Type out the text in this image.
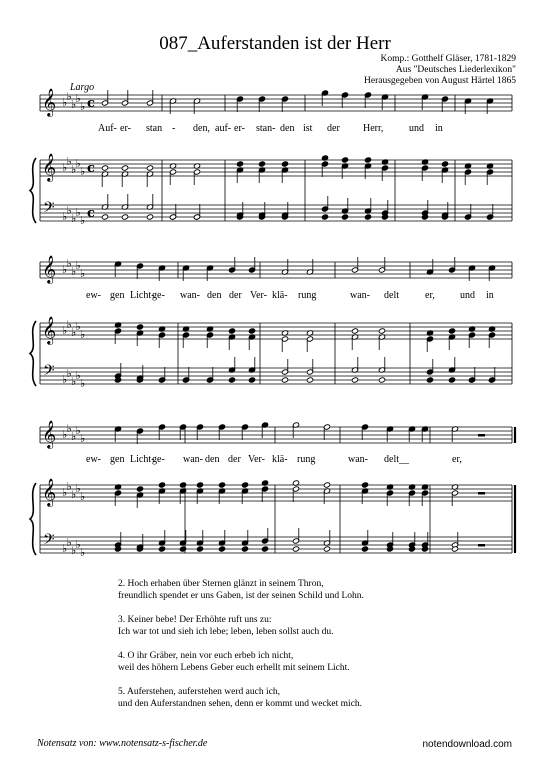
087_Auferstanden ist der Herr
Komp.: Gotthelf Gläser, 1781-1829
Aus "Deutsches Liederlexikon"
Herausgegeben von August Härtel 1865
Largo
𝄞 ♭ ♭
♭ ♭
♭ c
𝄞 ♭ ♭
♭ ♭
♭
𝄢 ♭ ♭
♭ ♭
♭
c
c
𝄞 ♭ ♭
♭ ♭
♭
𝄞 ♭ ♭
♭ ♭
♭
𝄢 ♭ ♭
♭ ♭
♭
𝄞 ♭ ♭
♭ ♭
♭
𝄞 ♭ ♭
♭ ♭
♭
𝄢 ♭ ♭
♭ ♭
♭
Auf- er- stan - den, auf- er- stan- den ist der Herr,	und in
ew- gen Licht-
ge- wan- den der Ver- klä- rung	wan- delt	er,	und in
ew- gen Licht-
ge- wan- den der Ver- klä- rung	wan- delt__	er,
2. Hoch erhaben über Sternen glänzt in seinem Thron,
freundlich spendet er uns Gaben, ist der seinen Schild und Lohn.
3. Keiner bebe! Der Erhöhte ruft uns zu:
Ich war tot und sieh ich lebe; leben, leben sollst auch du.
4. O ihr Gräber, nein vor euch erbeb ich nicht,
weil des höhern Lebens Geber euch erhellt mit seinem Licht.
5. Auferstehen, auferstehen werd auch ich,
und den Auferstandnen sehen, denn er kommt und wecket mich.
Notensatz von: www.notensatz-s-fischer.de	notendownload.com
